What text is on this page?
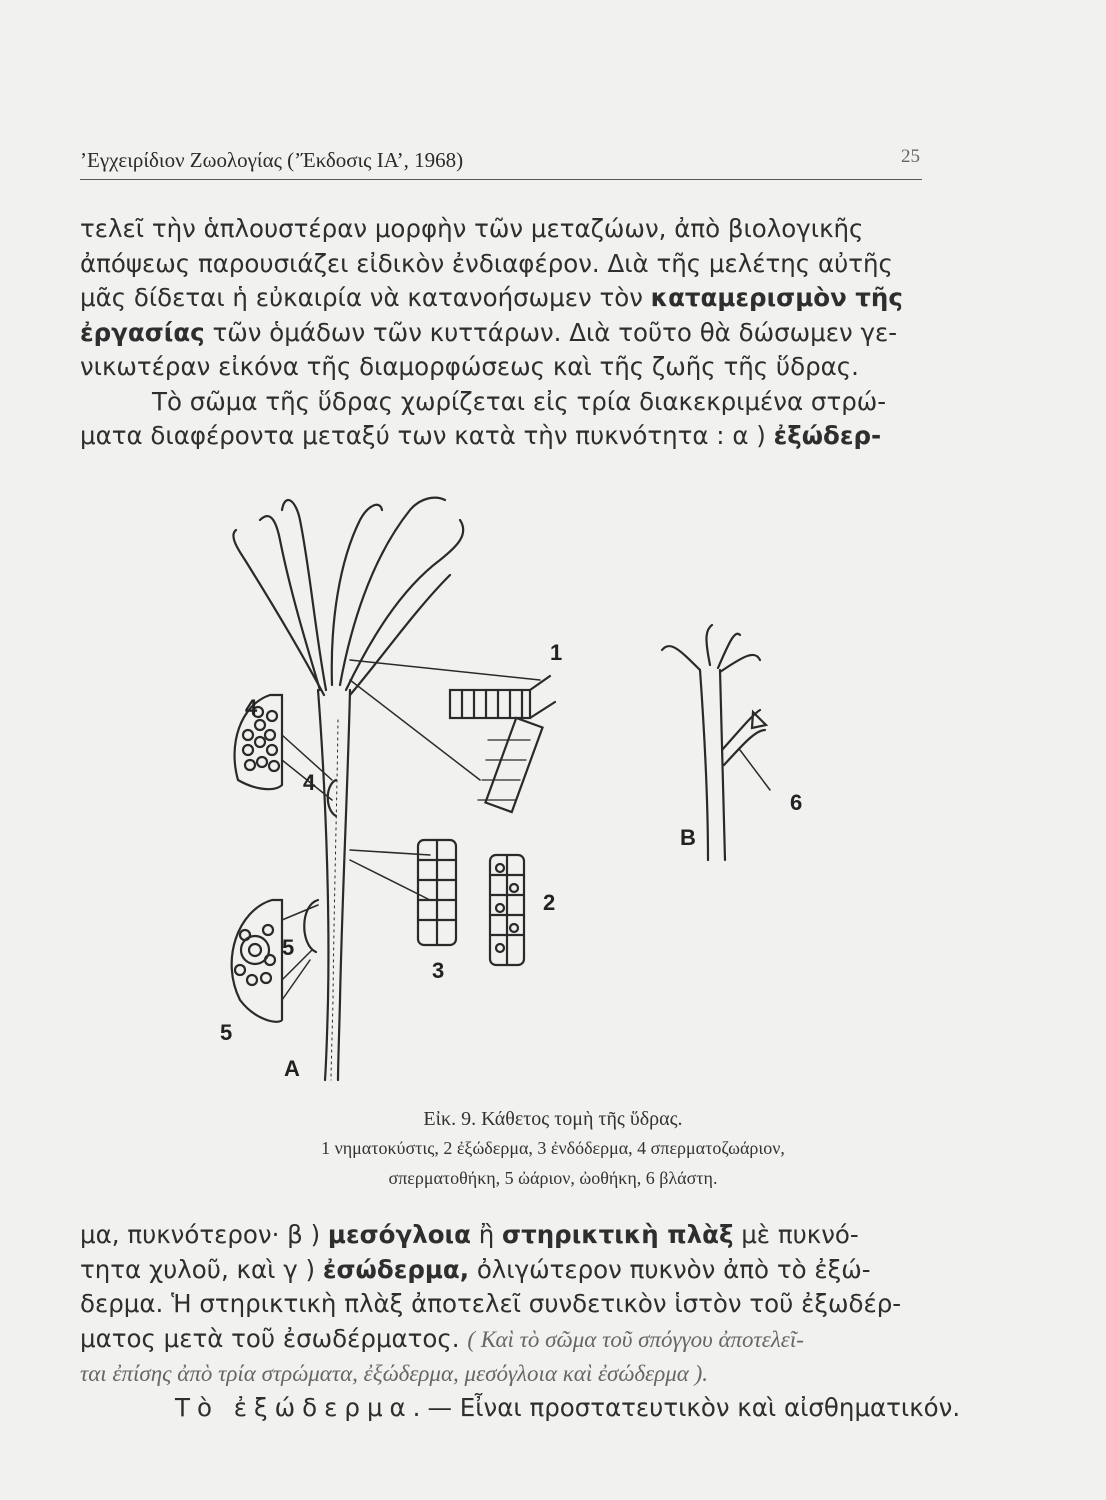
’Εγχειρίδιον Ζωολογίας (’Έκδοσις ΙΑ’, 1968)	25
τελεῖ τὴν ἁπλουστέραν μορφὴν τῶν μεταζώων, ἀπὸ βιολογικῆς
ἀπόψεως παρουσιάζει εἰδικὸν ἐνδιαφέρον. Διὰ τῆς μελέτης αὐτῆς
μᾶς δίδεται ἡ εὐκαιρία νὰ κατανοήσωμεν τὸν καταμερισμὸν τῆς
ἐργασίας τῶν ὁμάδων τῶν κυττάρων. Διὰ τοῦτο θὰ δώσωμεν γε-
νικωτέραν εἰκόνα τῆς διαμορφώσεως καὶ τῆς ζωῆς τῆς ὕδρας.
Τὸ σῶμα τῆς ὕδρας χωρίζεται εἰς τρία διακεκριμένα στρώ-
ματα διαφέροντα μεταξύ των κατὰ τὴν πυκνότητα : α ) ἐξώδερ-
1
4
4
2
3
5
5
A
B
6
Εἰκ. 9. Κάθετος τομὴ τῆς ὕδρας.
1 νηματοκύστις, 2 ἐξώδερμα, 3 ἐνδόδερμα, 4 σπερματοζωάριον,
σπερματοθήκη, 5 ὠάριον, ὠοθήκη, 6 βλάστη.
μα, πυκνότερον· β ) μεσόγλοια ἢ στηρικτικὴ πλὰξ μὲ πυκνό-
τητα χυλοῦ, καὶ γ ) ἐσώδερμα, ὀλιγώτερον πυκνὸν ἀπὸ τὸ ἐξώ-
δερμα. Ἡ στηρικτικὴ πλὰξ ἀποτελεῖ συνδετικὸν ἱστὸν τοῦ ἐξωδέρ-
ματος μετὰ τοῦ ἐσωδέρματος. ( Καὶ τὸ σῶμα τοῦ σπόγγου ἀποτελεῖ-
ται ἐπίσης ἀπὸ τρία στρώματα, ἐξώδερμα, μεσόγλοια καὶ ἐσώδερμα ).
Τὸ ἐξώδερμα.— Εἶναι προστατευτικὸν καὶ αἰσθηματικόν.
